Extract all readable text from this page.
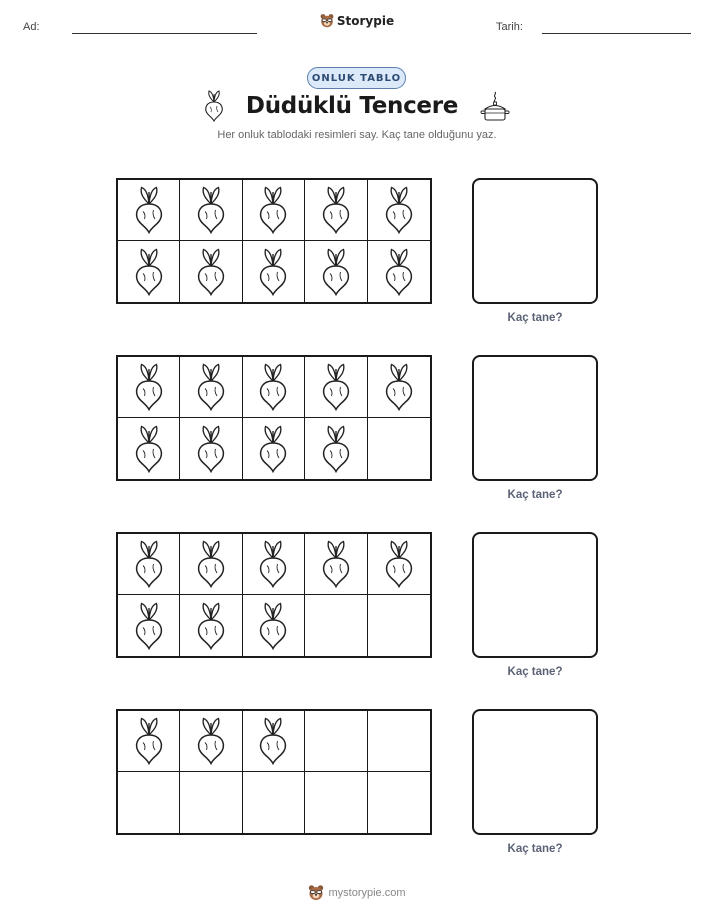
Ad:	Storypie	Tarih:
ONLUK TABLO
Düdüklü Tencere
Her onluk tablodaki resimleri say. Kaç tane olduğunu yaz.
Kaç tane?
Kaç tane?
Kaç tane?
Kaç tane?
mystorypie.com
